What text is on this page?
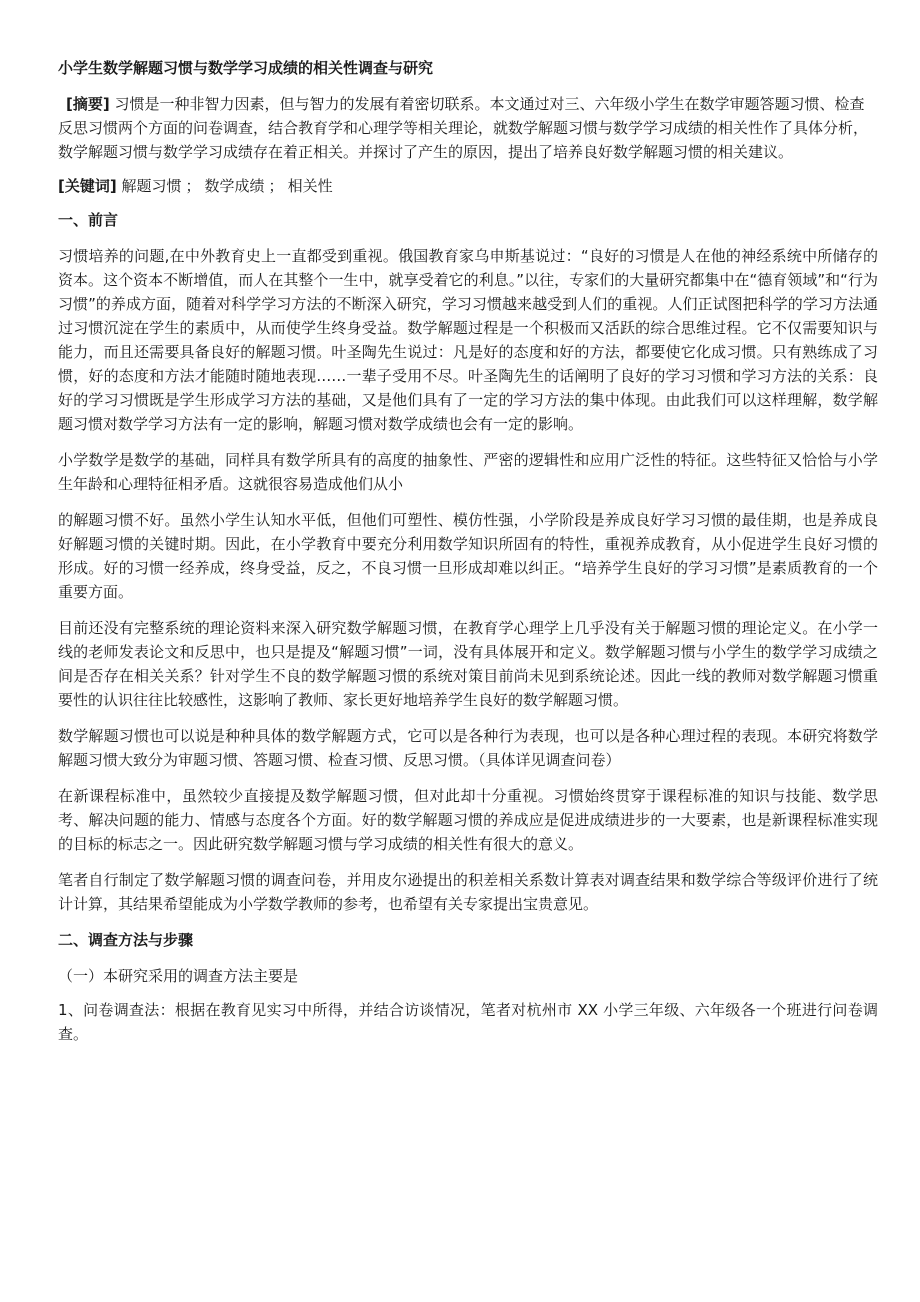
小学生数学解题习惯与数学学习成绩的相关性调查与研究
[摘要] 习惯是一种非智力因素，但与智力的发展有着密切联系。本文通过对三、六年级小学生在数学审题答题习惯、检查反思习惯两个方面的问卷调查，结合教育学和心理学等相关理论，就数学解题习惯与数学学习成绩的相关性作了具体分析，数学解题习惯与数学学习成绩存在着正相关。并探讨了产生的原因，提出了培养良好数学解题习惯的相关建议。
[关键词] 解题习惯 ； 数学成绩 ； 相关性
一、前言

习惯培养的问题,在中外教育史上一直都受到重视。俄国教育家乌申斯基说过：“良好的习惯是人在他的神经系统中所储存的资本。这个资本不断增值，而人在其整个一生中，就享受着它的利息。”以往，专家们的大量研究都集中在“德育领域”和“行为习惯”的养成方面，随着对科学学习方法的不断深入研究，学习习惯越来越受到人们的重视。人们正试图把科学的学习方法通过习惯沉淀在学生的素质中，从而使学生终身受益。数学解题过程是一个积极而又活跃的综合思维过程。它不仅需要知识与能力，而且还需要具备良好的解题习惯。叶圣陶先生说过：凡是好的态度和好的方法，都要使它化成习惯。只有熟练成了习惯，好的态度和方法才能随时随地表现……一辈子受用不尽。叶圣陶先生的话阐明了良好的学习习惯和学习方法的关系：良好的学习习惯既是学生形成学习方法的基础，又是他们具有了一定的学习方法的集中体现。由此我们可以这样理解，数学解题习惯对数学学习方法有一定的影响，解题习惯对数学成绩也会有一定的影响。

小学数学是数学的基础，同样具有数学所具有的高度的抽象性、严密的逻辑性和应用广泛性的特征。这些特征又恰恰与小学生年龄和心理特征相矛盾。这就很容易造成他们从小

的解题习惯不好。虽然小学生认知水平低，但他们可塑性、模仿性强，小学阶段是养成良好学习习惯的最佳期，也是养成良好解题习惯的关键时期。因此，在小学教育中要充分利用数学知识所固有的特性，重视养成教育，从小促进学生良好习惯的形成。好的习惯一经养成，终身受益，反之，不良习惯一旦形成却难以纠正。“培养学生良好的学习习惯”是素质教育的一个重要方面。

目前还没有完整系统的理论资料来深入研究数学解题习惯，在教育学心理学上几乎没有关于解题习惯的理论定义。在小学一线的老师发表论文和反思中，也只是提及“解题习惯”一词，没有具体展开和定义。数学解题习惯与小学生的数学学习成绩之间是否存在相关关系？针对学生不良的数学解题习惯的系统对策目前尚未见到系统论述。因此一线的教师对数学解题习惯重要性的认识往往比较感性，这影响了教师、家长更好地培养学生良好的数学解题习惯。

数学解题习惯也可以说是种种具体的数学解题方式，它可以是各种行为表现，也可以是各种心理过程的表现。本研究将数学解题习惯大致分为审题习惯、答题习惯、检查习惯、反思习惯。（具体详见调查问卷）

在新课程标准中，虽然较少直接提及数学解题习惯，但对此却十分重视。习惯始终贯穿于课程标准的知识与技能、数学思考、解决问题的能力、情感与态度各个方面。好的数学解题习惯的养成应是促进成绩进步的一大要素，也是新课程标准实现的目标的标志之一。因此研究数学解题习惯与学习成绩的相关性有很大的意义。

笔者自行制定了数学解题习惯的调查问卷，并用皮尔逊提出的积差相关系数计算表对调查结果和数学综合等级评价进行了统计计算，其结果希望能成为小学数学教师的参考，也希望有关专家提出宝贵意见。

二、调查方法与步骤
（一）本研究采用的调查方法主要是

1、问卷调查法：根据在教育见实习中所得，并结合访谈情况，笔者对杭州市 XX 小学三年级、六年级各一个班进行问卷调查。
